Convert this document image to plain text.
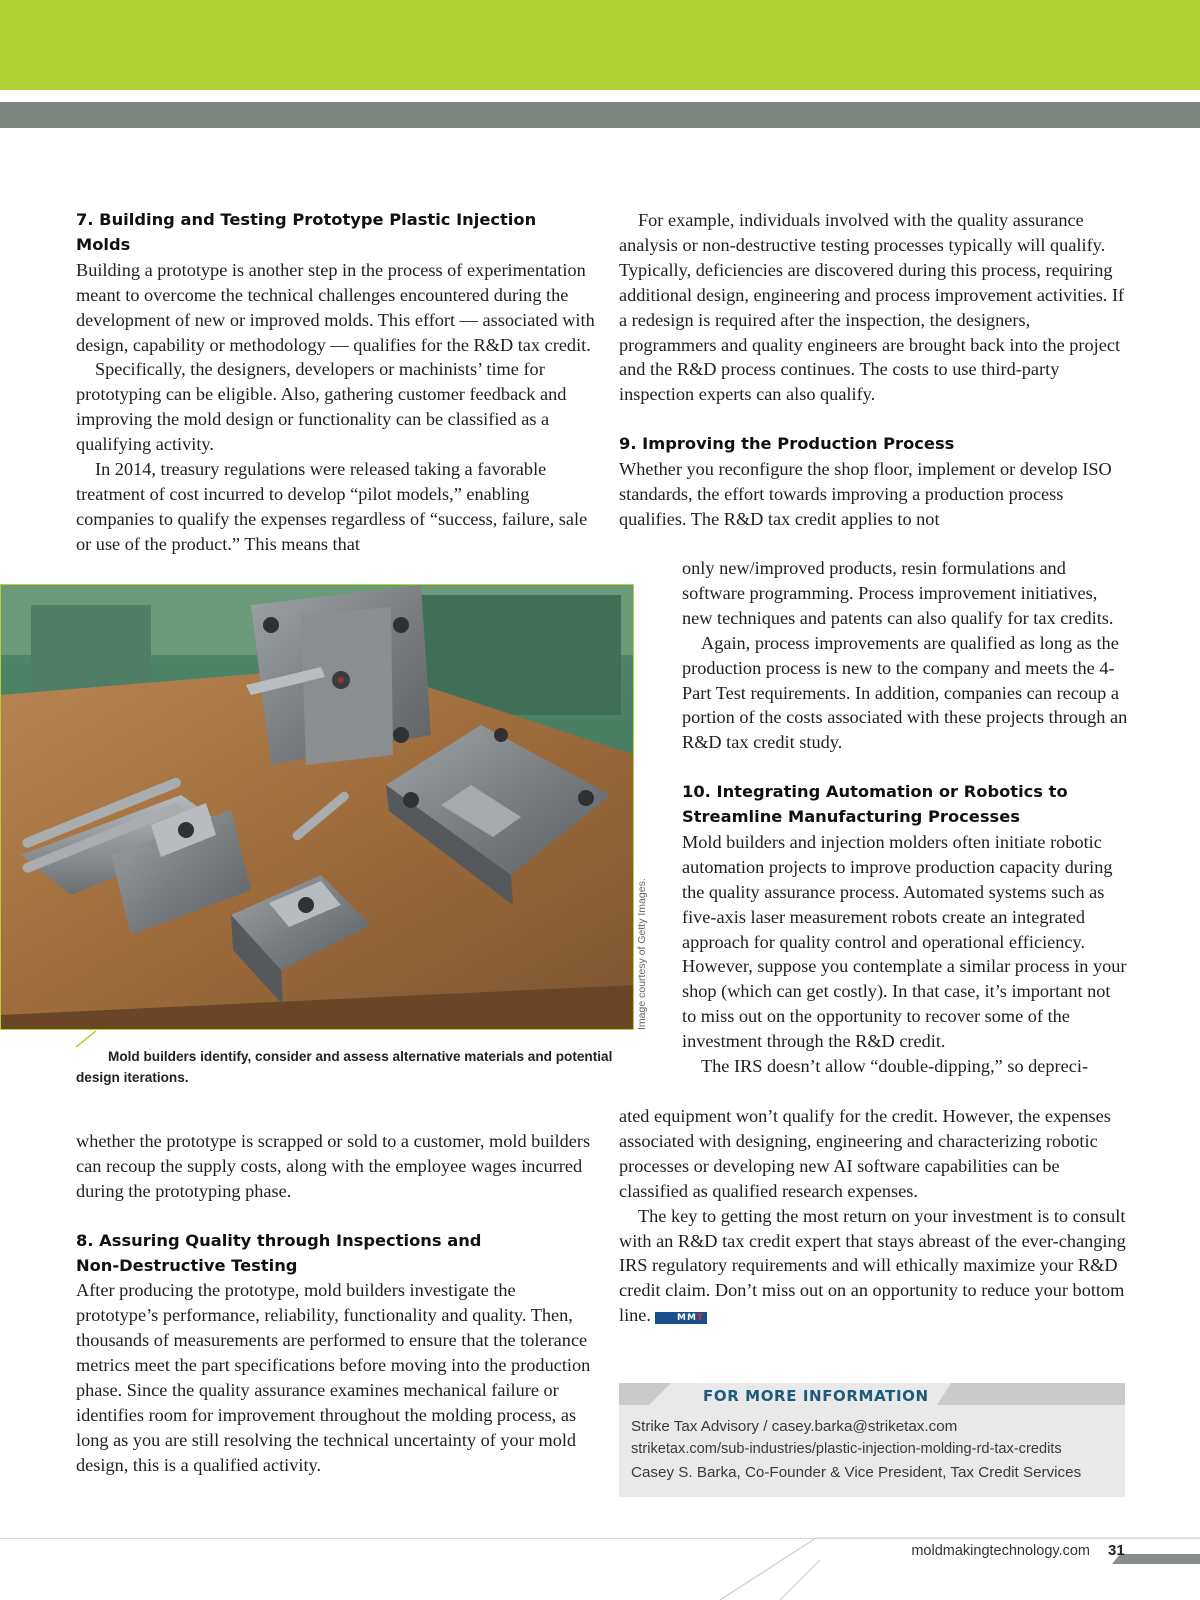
7. Building and Testing Prototype Plastic Injection Molds

Building a prototype is another step in the process of experimentation meant to overcome the technical challenges encountered during the development of new or improved molds. This effort — associated with design, capability or methodology — qualifies for the R&D tax credit.

Specifically, the designers, developers or machinists’ time for prototyping can be eligible. Also, gathering customer feedback and improving the mold design or functionality can be classified as a qualifying activity.

In 2014, treasury regulations were released taking a favorable treatment of cost incurred to develop “pilot models,” enabling companies to qualify the expenses regardless of “success, failure, sale or use of the product.” This means that

Image courtesy of Getty Images.
Mold builders identify, consider and assess alternative materials and potential design iterations.

whether the prototype is scrapped or sold to a customer, mold builders can recoup the supply costs, along with the employee wages incurred during the prototyping phase.

8. Assuring Quality through Inspections and
Non-Destructive Testing

After producing the prototype, mold builders investigate the prototype’s performance, reliability, functionality and quality. Then, thousands of measurements are performed to ensure that the tolerance metrics meet the part specifications before moving into the production phase. Since the quality assurance examines mechanical failure or identifies room for improvement throughout the molding process, as long as you are still resolving the technical uncertainty of your mold design, this is a qualified activity.

For example, individuals involved with the quality assurance analysis or non-destructive testing processes typically will qualify. Typically, deficiencies are discovered during this process, requiring additional design, engineering and process improvement activities. If a redesign is required after the inspection, the designers, programmers and quality engineers are brought back into the project and the R&D process continues. The costs to use third-party inspection experts can also qualify.

9. Improving the Production Process

Whether you reconfigure the shop floor, implement or develop ISO standards, the effort towards improving a production process qualifies. The R&D tax credit applies to not

only new/improved products, resin formulations and software programming. Process improvement initiatives, new techniques and patents can also qualify for tax credits.

Again, process improvements are qualified as long as the production process is new to the company and meets the 4-Part Test requirements. In addition, companies can recoup a portion of the costs associated with these projects through an R&D tax credit study.

10. Integrating Automation or Robotics to
Streamline Manufacturing Processes

Mold builders and injection molders often initiate robotic automation projects to improve production capacity during the quality assurance process. Automated systems such as five-axis laser measurement robots create an integrated approach for quality control and operational efficiency. However, suppose you contemplate a similar process in your shop (which can get costly). In that case, it’s important not to miss out on the opportunity to recover some of the investment through the R&D credit.

The IRS doesn’t allow “double-dipping,” so depreci-

ated equipment won’t qualify for the credit. However, the expenses associated with designing, engineering and characterizing robotic processes or developing new AI software capabilities can be classified as qualified research expenses.

The key to getting the most return on your investment is to consult with an R&D tax credit expert that stays abreast of the ever-changing IRS regulatory requirements and will ethically maximize your R&D credit claim. Don’t miss out on an opportunity to reduce your bottom line.	MMT

FOR MORE INFORMATION
Strike Tax Advisory / casey.barka@striketax.com
striketax.com/sub-industries/plastic-injection-molding-rd-tax-credits
Casey S. Barka, Co-Founder & Vice President, Tax Credit Services
moldmakingtechnology.com 31
